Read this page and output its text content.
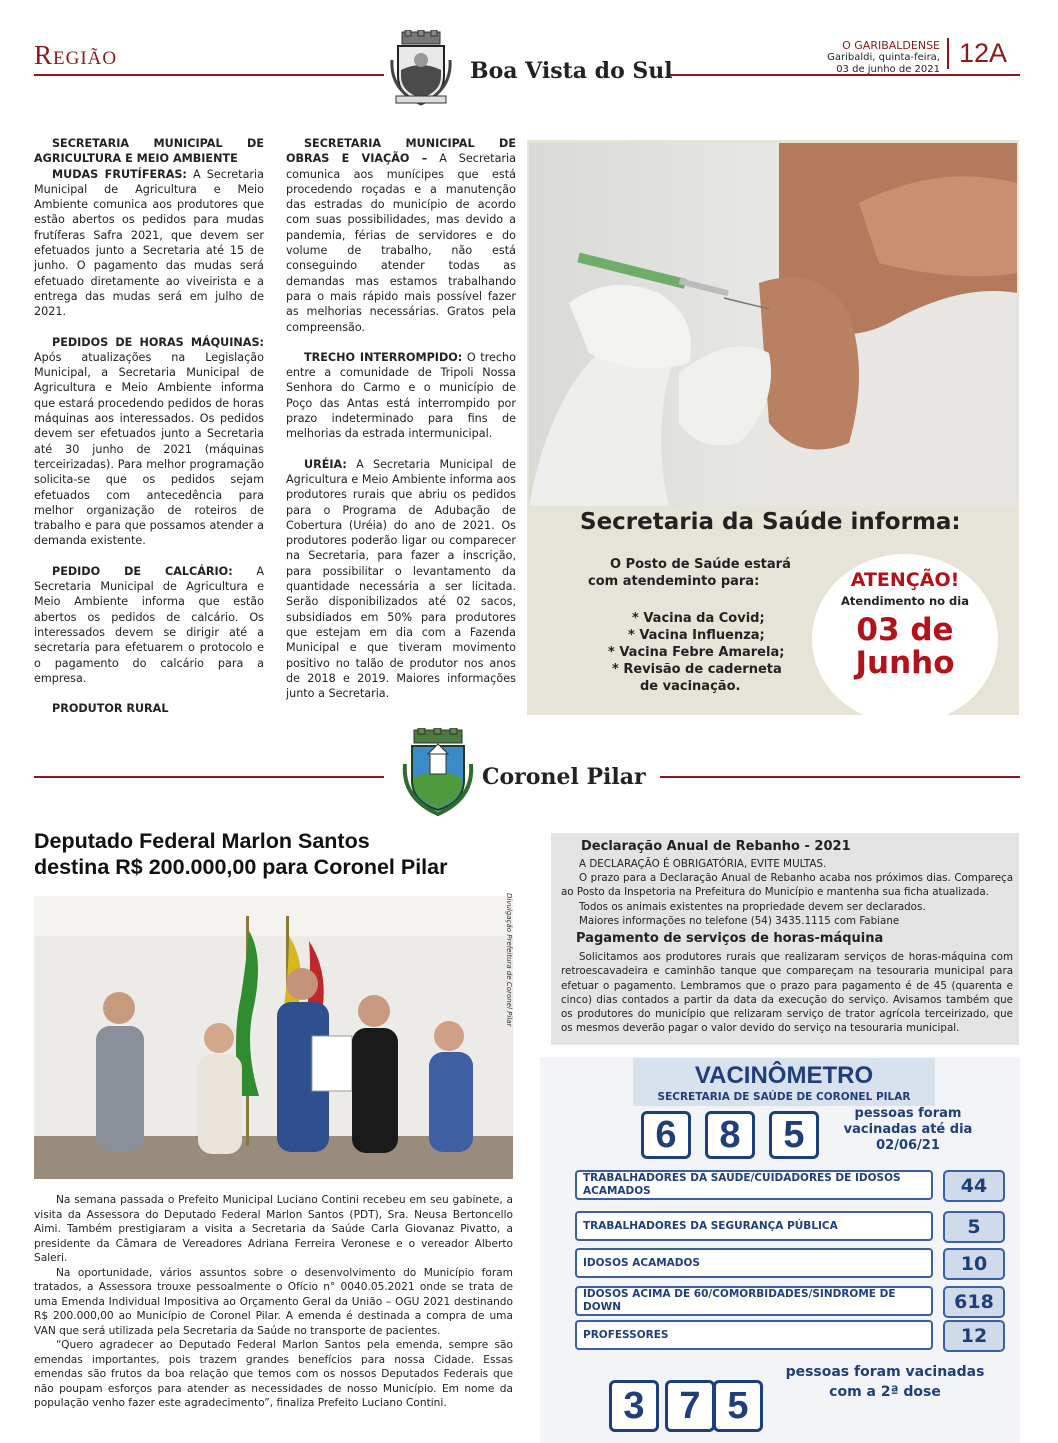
Região
Boa Vista do Sul
O GARIBALDENSE
Garibaldi, quinta-feira,
03 de junho de 2021
12A

SECRETARIA MUNICIPAL DE AGRICULTURA E MEIO AMBIENTE
MUDAS FRUTÍFERAS: A Secretaria Municipal de Agricultura e Meio Ambiente comunica aos produtores que estão abertos os pedidos para mudas frutíferas Safra 2021, que devem ser efetuados junto a Secretaria até 15 de junho. O pagamento das mudas será efetuado diretamente ao viveirista e a entrega das mudas será em julho de 2021.

PEDIDOS DE HORAS MÁQUINAS: Após atualizações na Legislação Municipal, a Secretaria Municipal de Agricultura e Meio Ambiente informa que estará procedendo pedidos de horas máquinas aos interessados. Os pedidos devem ser efetuados junto a Secretaria até 30 junho de 2021 (máquinas terceirizadas). Para melhor programação solicita-se que os pedidos sejam efetuados com antecedência para melhor organização de roteiros de trabalho e para que possamos atender a demanda existente.

PEDIDO DE CALCÁRIO: A Secretaria Municipal de Agricultura e Meio Ambiente informa que estão abertos os pedidos de calcário. Os interessados devem se dirigir até a secretaria para efetuarem o protocolo e o pagamento do calcário para a empresa.

PRODUTOR RURAL

SECRETARIA MUNICIPAL DE OBRAS E VIAÇÃO – A Secretaria comunica aos munícipes que está procedendo roçadas e a manutenção das estradas do município de acordo com suas possibilidades, mas devido a pandemia, férias de servidores e do volume de trabalho, não está conseguindo atender todas as demandas mas estamos trabalhando para o mais rápido mais possível fazer as melhorias necessárias. Gratos pela compreensão.

TRECHO INTERROMPIDO: O trecho entre a comunidade de Tripoli Nossa Senhora do Carmo e o município de Poço das Antas está interrompido por prazo indeterminado para fins de melhorias da estrada intermunicipal.

URÉIA: A Secretaria Municipal de Agricultura e Meio Ambiente informa aos produtores rurais que abriu os pedidos para o Programa de Adubação de Cobertura (Uréia) do ano de 2021. Os produtores poderão ligar ou comparecer na Secretaria, para fazer a inscrição, para possibilitar o levantamento da quantidade necessária a ser licitada. Serão disponibilizados até 02 sacos, subsidiados em 50% para produtores que estejam em dia com a Fazenda Municipal e que tiveram movimento positivo no talão de produtor nos anos de 2018 e 2019. Maiores informações junto a Secretaria.

Secretaria da Saúde informa:
O Posto de Saúde estará
com atendeminto para:
* Vacina da Covid;
* Vacina Influenza;
* Vacina Febre Amarela;
* Revisão de caderneta
de vacinação.
ATENÇÃO!
Atendimento no dia
03 de
Junho
Coronel Pilar
Deputado Federal Marlon Santos
destina R$ 200.000,00 para Coronel Pilar
Divulgação Prefeitura de Coronel Pilar

Na semana passada o Prefeito Municipal Luciano Contini recebeu em seu gabinete, a visita da Assessora do Deputado Federal Marlon Santos (PDT), Sra. Neusa Bertoncello Aimi. Também prestigiaram a visita a Secretaria da Saúde Carla Giovanaz Pivatto, a presidente da Câmara de Vereadores Adriana Ferreira Veronese e o vereador Alberto Saleri.

Na oportunidade, vários assuntos sobre o desenvolvimento do Município foram tratados, a Assessora trouxe pessoalmente o Ofício n° 0040.05.2021 onde se trata de uma Emenda Individual Impositiva ao Orçamento Geral da União – OGU 2021 destinando R$ 200.000,00 ao Município de Coronel Pilar. A emenda é destinada a compra de uma VAN que será utilizada pela Secretaria da Saúde no transporte de pacientes.

“Quero agradecer ao Deputado Federal Marlon Santos pela emenda, sempre são emendas importantes, pois trazem grandes benefícios para nossa Cidade. Essas emendas são frutos da boa relação que temos com os nossos Deputados Federais que não poupam esforços para atender as necessidades de nosso Município. Em nome da população venho fazer este agradecimento”, finaliza Prefeito Luciano Contini.

Declaração Anual de Rebanho - 2021
A DECLARAÇÃO É OBRIGATÓRIA, EVITE MULTAS.
O prazo para a Declaração Anual de Rebanho acaba nos próximos dias. Compareça ao Posto da Inspetoria na Prefeitura do Município e mantenha sua ficha atualizada.
Todos os animais existentes na propriedade devem ser declarados.
Maiores informações no telefone (54) 3435.1115 com Fabiane
Pagamento de serviços de horas-máquina
Solicitamos aos produtores rurais que realizaram serviços de horas-máquina com retroescavadeira e caminhão tanque que compareçam na tesouraria municipal para efetuar o pagamento. Lembramos que o prazo para pagamento é de 45 (quarenta e cinco) dias contados a partir da data da execução do serviço. Avisamos também que os produtores do município que relizaram serviço de trator agrícola terceirizado, que os mesmos deverão pagar o valor devido do serviço na tesouraria municipal.
VACINÔMETRO
SECRETARIA DE SAÚDE DE CORONEL PILAR
6	8	5
pessoas foram
vacinadas até dia
02/06/21
TRABALHADORES DA SAÚDE/CUIDADORES DE IDOSOS ACAMADOS	44
TRABALHADORES DA SEGURANÇA PÚBLICA	5
IDOSOS ACAMADOS	10
IDOSOS ACIMA DE 60/COMORBIDADES/SINDROME DE DOWN	618
PROFESSORES	12
3 7 5
pessoas foram vacinadas
com a 2ª dose
